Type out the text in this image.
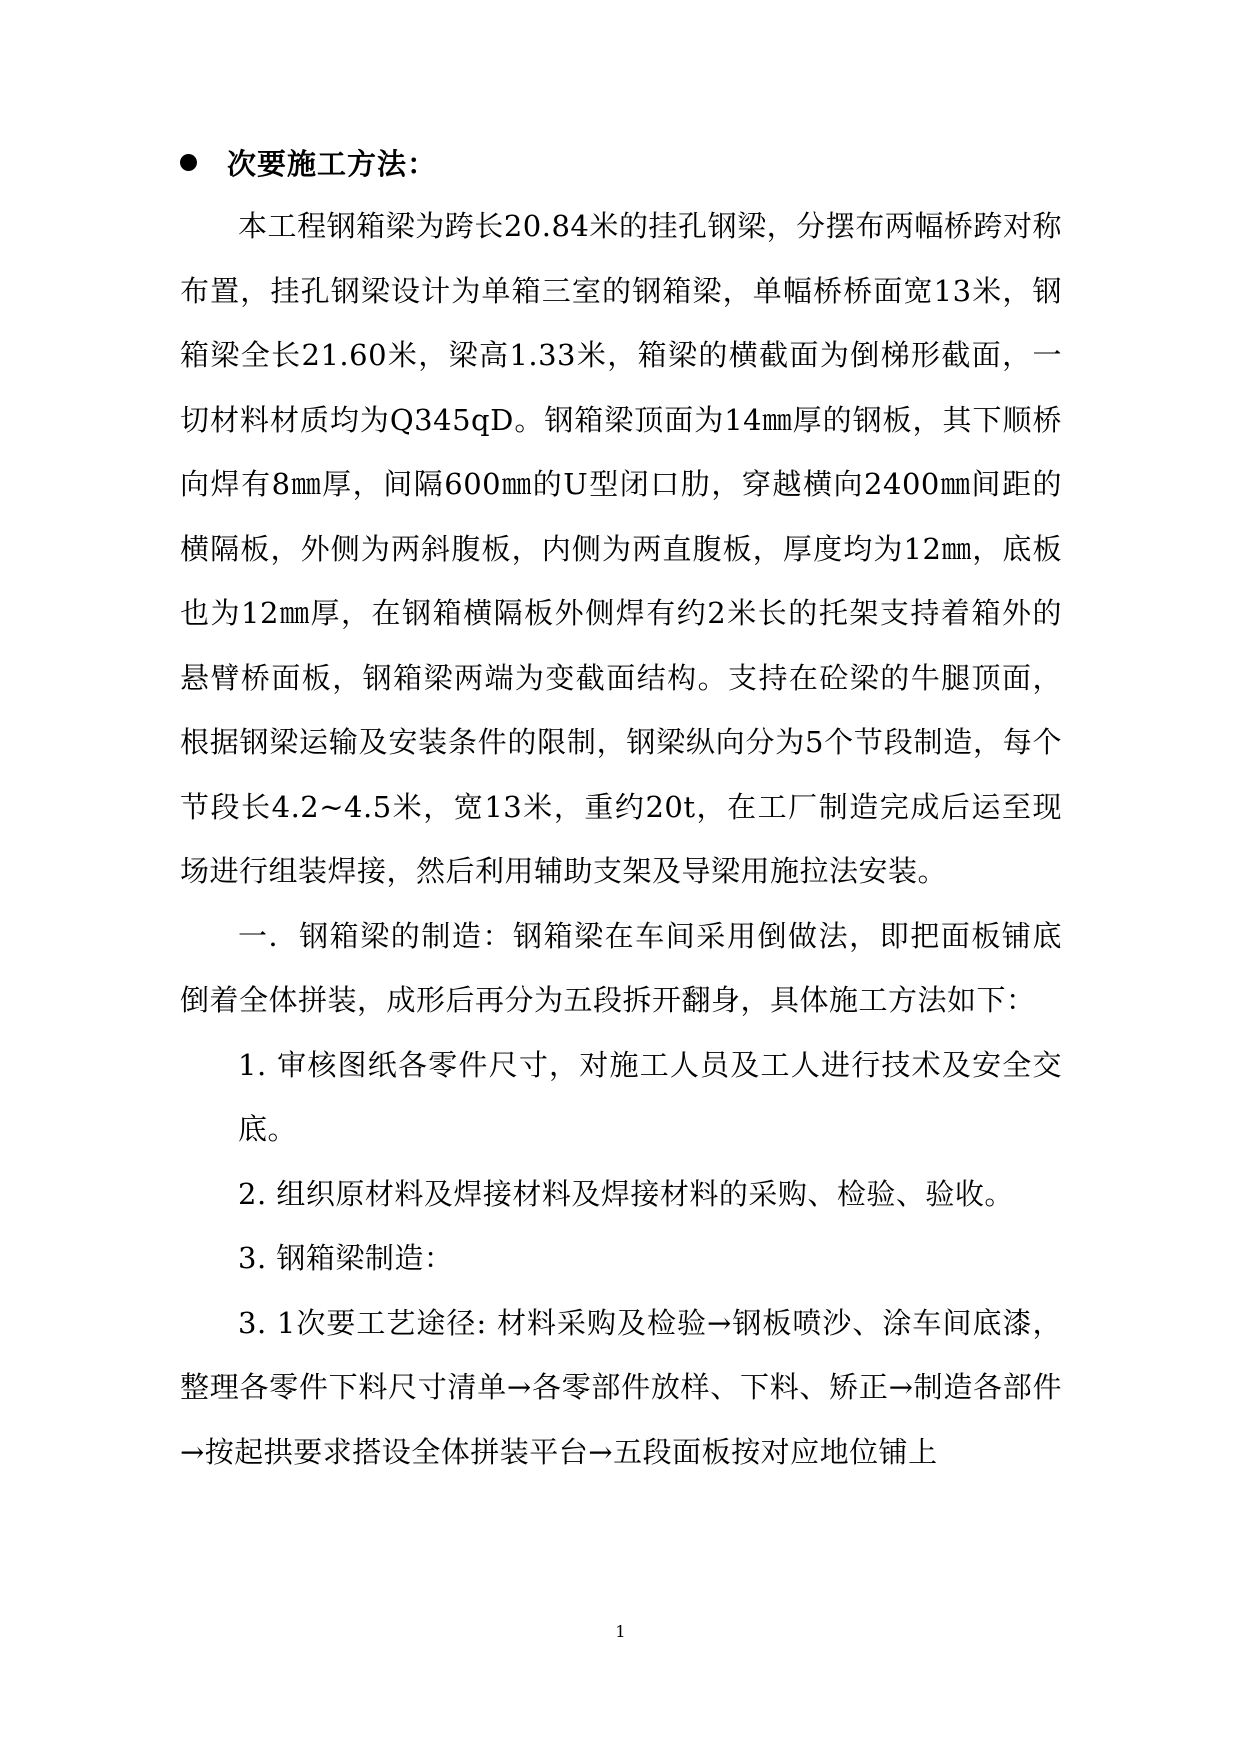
次要施工方法：

本工程钢箱梁为跨长20.84米的挂孔钢梁，分摆布两幅桥跨对称布置，挂孔钢梁设计为单箱三室的钢箱梁，单幅桥桥面宽13米，钢箱梁全长21.60米，梁高1.33米，箱梁的横截面为倒梯形截面，一切材料材质均为Q345qD。钢箱梁顶面为14㎜厚的钢板，其下顺桥向焊有8㎜厚，间隔600㎜的U型闭口肋，穿越横向2400㎜间距的横隔板，外侧为两斜腹板，内侧为两直腹板，厚度均为12㎜，底板也为12㎜厚，在钢箱横隔板外侧焊有约2米长的托架支持着箱外的悬臂桥面板，钢箱梁两端为变截面结构。支持在砼梁的牛腿顶面，根据钢梁运输及安装条件的限制，钢梁纵向分为5个节段制造，每个节段长4.2~4.5米，宽13米，重约20t，在工厂制造完成后运至现场进行组装焊接，然后利用辅助支架及导梁用施拉法安装。

一．钢箱梁的制造：钢箱梁在车间采用倒做法，即把面板铺底倒着全体拼装，成形后再分为五段拆开翻身，具体施工方法如下：

1. 审核图纸各零件尺寸，对施工人员及工人进行技术及安全交底。

2. 组织原材料及焊接材料及焊接材料的采购、检验、验收。

3. 钢箱梁制造：

3. 1次要工艺途径: 材料采购及检验→钢板喷沙、涂车间底漆，整理各零件下料尺寸清单→各零部件放样、下料、矫正→制造各部件→按起拱要求搭设全体拼装平台→五段面板按对应地位铺上

1
